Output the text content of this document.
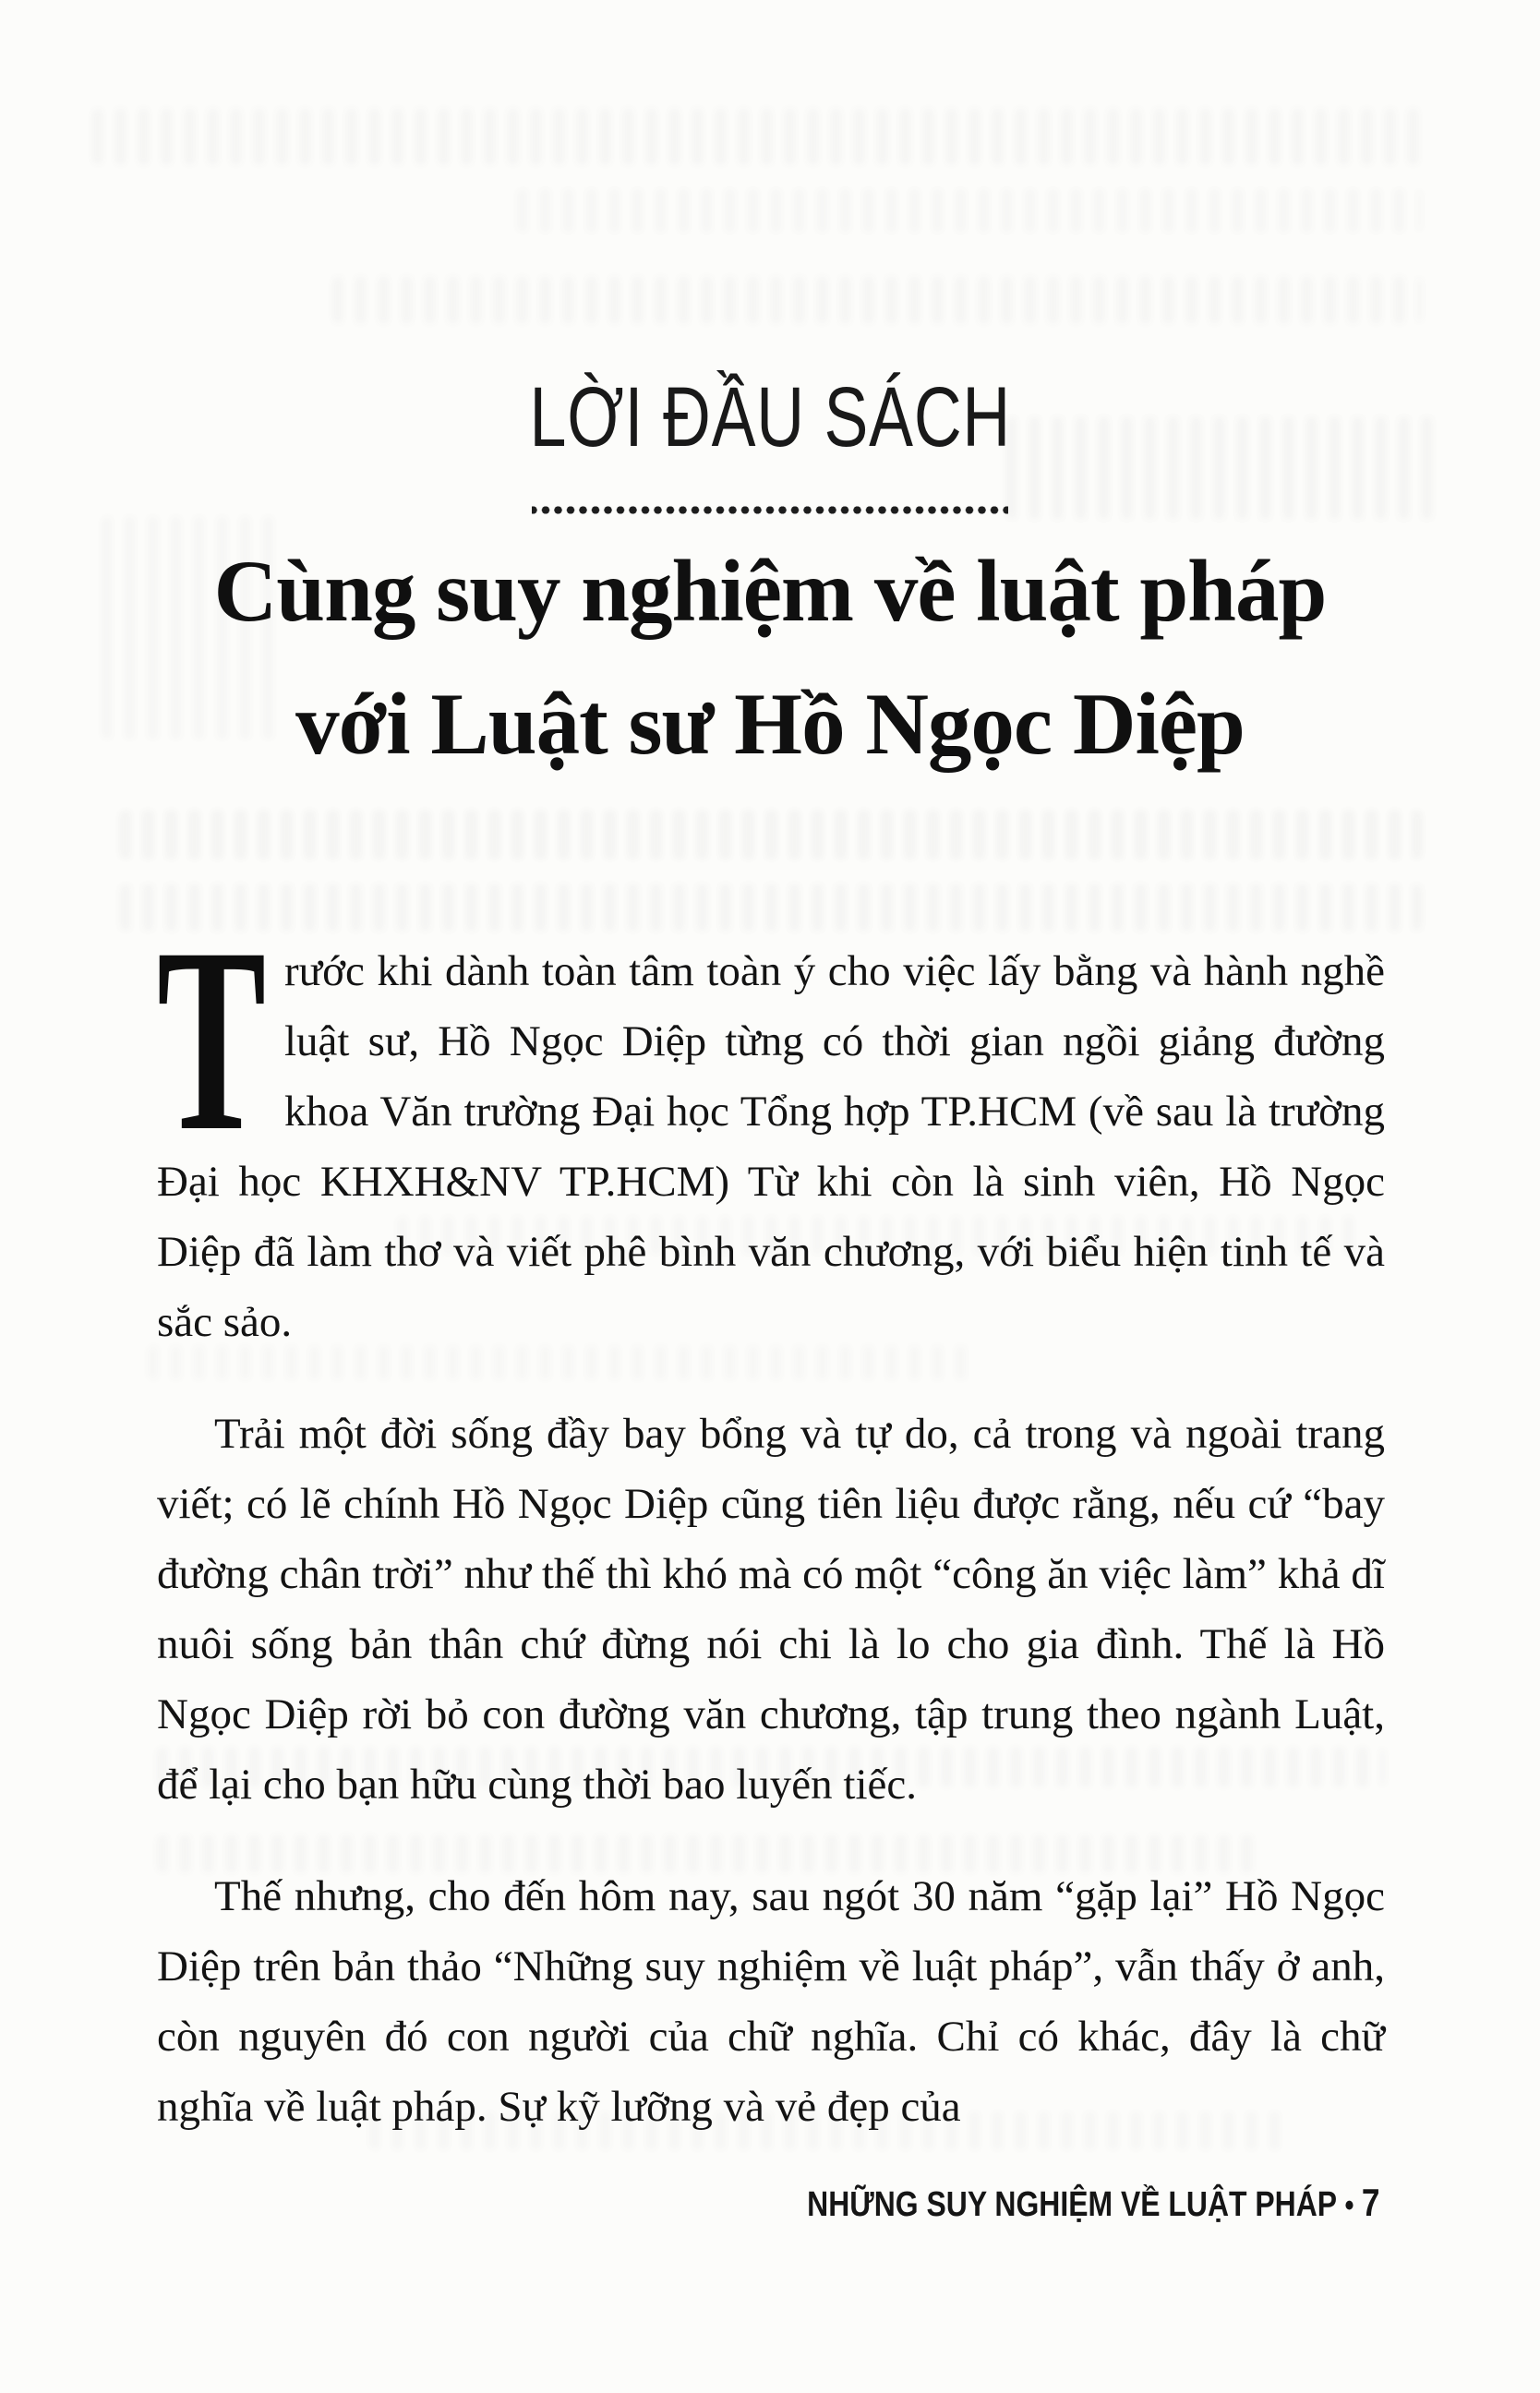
LỜI ĐẦU SÁCH
Cùng suy nghiệm về luật pháp
với Luật sư Hồ Ngọc Diệp

Trước khi dành toàn tâm toàn ý cho việc lấy bằng và hành nghề luật sư, Hồ Ngọc Diệp từng có thời gian ngồi giảng đường khoa Văn trường Đại học Tổng hợp TP.HCM (về sau là trường Đại học KHXH&NV TP.HCM) Từ khi còn là sinh viên, Hồ Ngọc Diệp đã làm thơ và viết phê bình văn chương, với biểu hiện tinh tế và sắc sảo.

Trải một đời sống đầy bay bổng và tự do, cả trong và ngoài trang viết; có lẽ chính Hồ Ngọc Diệp cũng tiên liệu được rằng, nếu cứ “bay đường chân trời” như thế thì khó mà có một “công ăn việc làm” khả dĩ nuôi sống bản thân chứ đừng nói chi là lo cho gia đình. Thế là Hồ Ngọc Diệp rời bỏ con đường văn chương, tập trung theo ngành Luật, để lại cho bạn hữu cùng thời bao luyến tiếc.

Thế nhưng, cho đến hôm nay, sau ngót 30 năm “gặp lại” Hồ Ngọc Diệp trên bản thảo “Những suy nghiệm về luật pháp”, vẫn thấy ở anh, còn nguyên đó con người của chữ nghĩa. Chỉ có khác, đây là chữ nghĩa về luật pháp. Sự kỹ lưỡng và vẻ đẹp của

NHỮNG SUY NGHIỆM VỀ LUẬT PHÁP • 7
